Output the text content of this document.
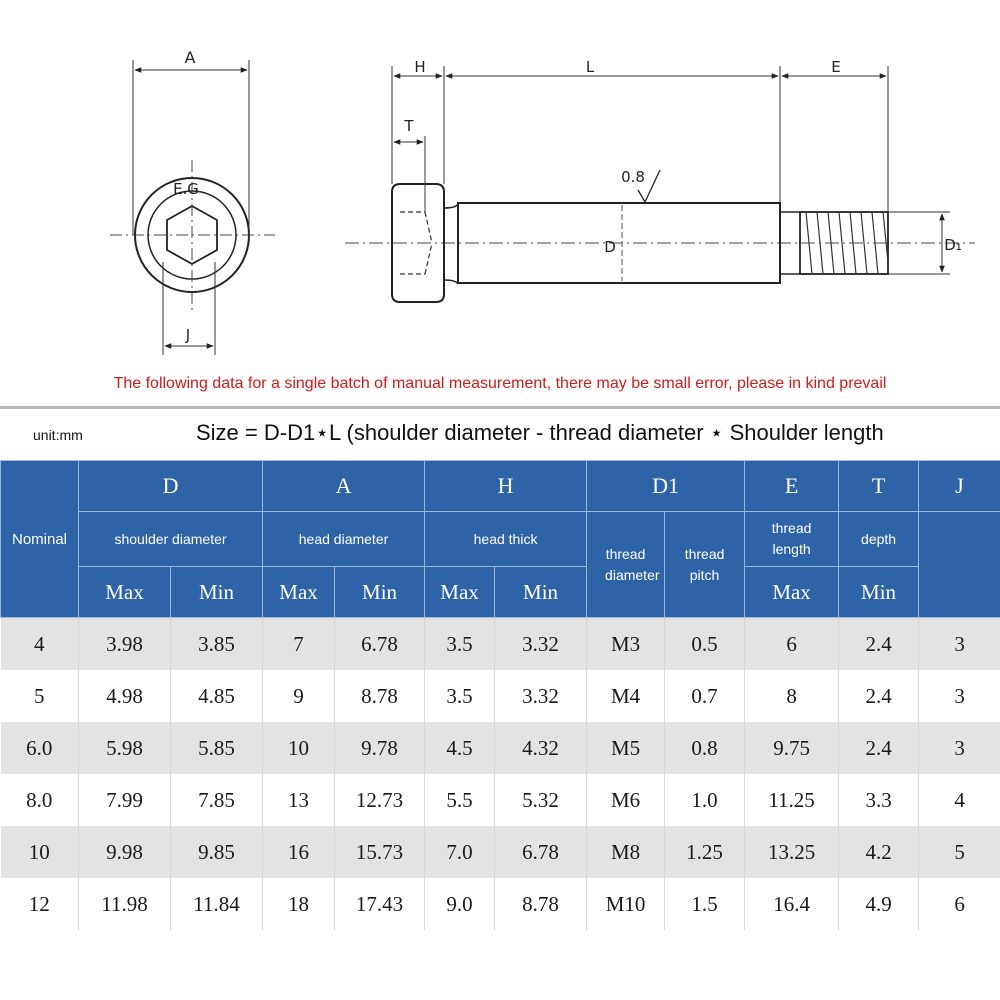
A
E.G
J
D
0.8
H	L	E
T
D₁
The following data for a single batch of manual measurement, there may be small error, please in kind prevail
unit:mm	Size = D-D1⋆L (shoulder diameter - thread diameter ⋆ Shoulder length
Nominal	D		A		H		D1		E	T	J
	shoulder diameter		head diameter		head thick		thread diameter	thread pitch	thread length	depth	
	Max	Min	Max	Min	Max	Min			Max	Min	
4	3.98	3.85	7	6.78	3.5	3.32	M3	0.5	6	2.4	3
5	4.98	4.85	9	8.78	3.5	3.32	M4	0.7	8	2.4	3
6.0	5.98	5.85	10	9.78	4.5	4.32	M5	0.8	9.75	2.4	3
8.0	7.99	7.85	13	12.73	5.5	5.32	M6	1.0	11.25	3.3	4
10	9.98	9.85	16	15.73	7.0	6.78	M8	1.25	13.25	4.2	5
12	11.98	11.84	18	17.43	9.0	8.78	M10	1.5	16.4	4.9	6
